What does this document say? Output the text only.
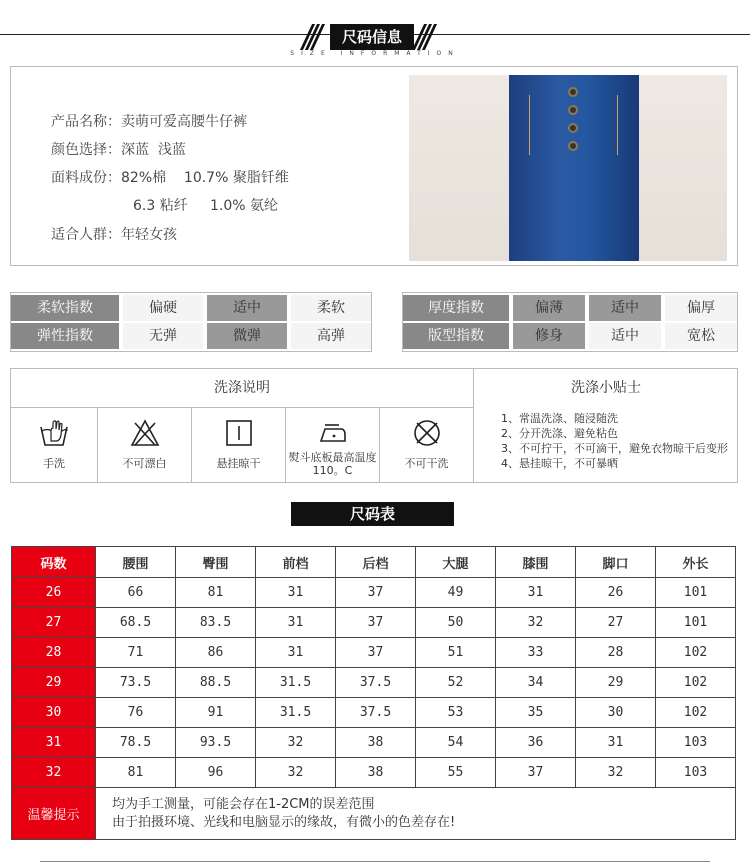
尺码信息
SIZE INFORMATION
产品名称：卖萌可爱高腰牛仔裤
颜色选择：深蓝  浅蓝
面料成份：82%棉    10.7% 聚脂钎维
6.3 粘纤     1.0% 氨纶
适合人群：年轻女孩
柔软指数	偏硬	适中	柔软
弹性指数	无弹	微弹	高弹
厚度指数	偏薄	适中	偏厚
版型指数	修身	适中	宽松
洗涤说明	洗涤小贴士
手洗	不可漂白	悬挂晾干	熨斗底板最高温度110。C
不可干洗
1、常温洗涤、随浸随洗
2、分开洗涤、避免粘色
3、不可拧干，不可滴干，避免衣物晾干后变形
4、悬挂晾干，不可暴晒
尺码表
码数	腰围	臀围	前档	后档	大腿	膝围	脚口	外长
26	66	81	31	37	49	31	26	101
27	68.5	83.5	31	37	50	32	27	101
28	71	86	31	37	51	33	28	102
29	73.5	88.5	31.5	37.5	52	34	29	102
30	76	91	31.5	37.5	53	35	30	102
31	78.5	93.5	32	38	54	36	31	103
32	81	96	32	38	55	37	32	103
温馨提示	均为手工测量，可能会存在1-2CM的误差范围
由于拍摄环境、光线和电脑显示的缘故，有微小的色差存在!							
